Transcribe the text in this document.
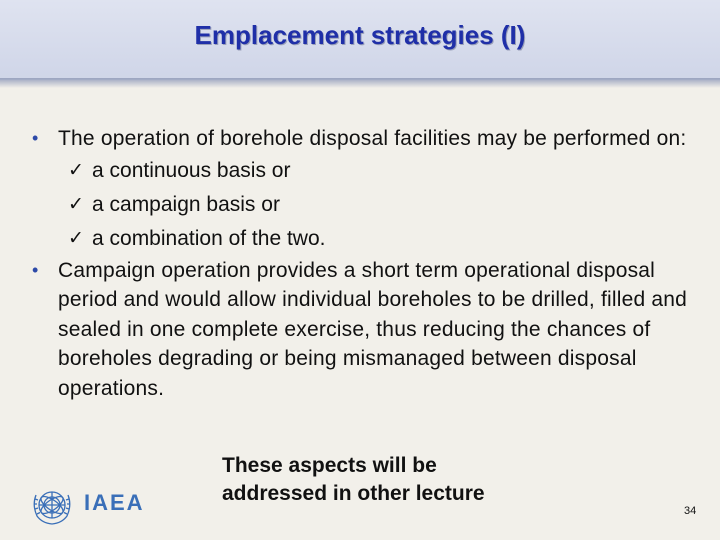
Emplacement strategies (I)
• The operation of borehole disposal facilities may be performed on:
✓ a continuous basis or
✓ a campaign basis or
✓ a combination of the two.
• Campaign operation provides a short term operational disposal period and would allow individual boreholes to be drilled, filled and sealed in one complete exercise, thus reducing the chances of boreholes degrading or being mismanaged between disposal operations.
These aspects will be addressed in other lecture
IAEA	34
